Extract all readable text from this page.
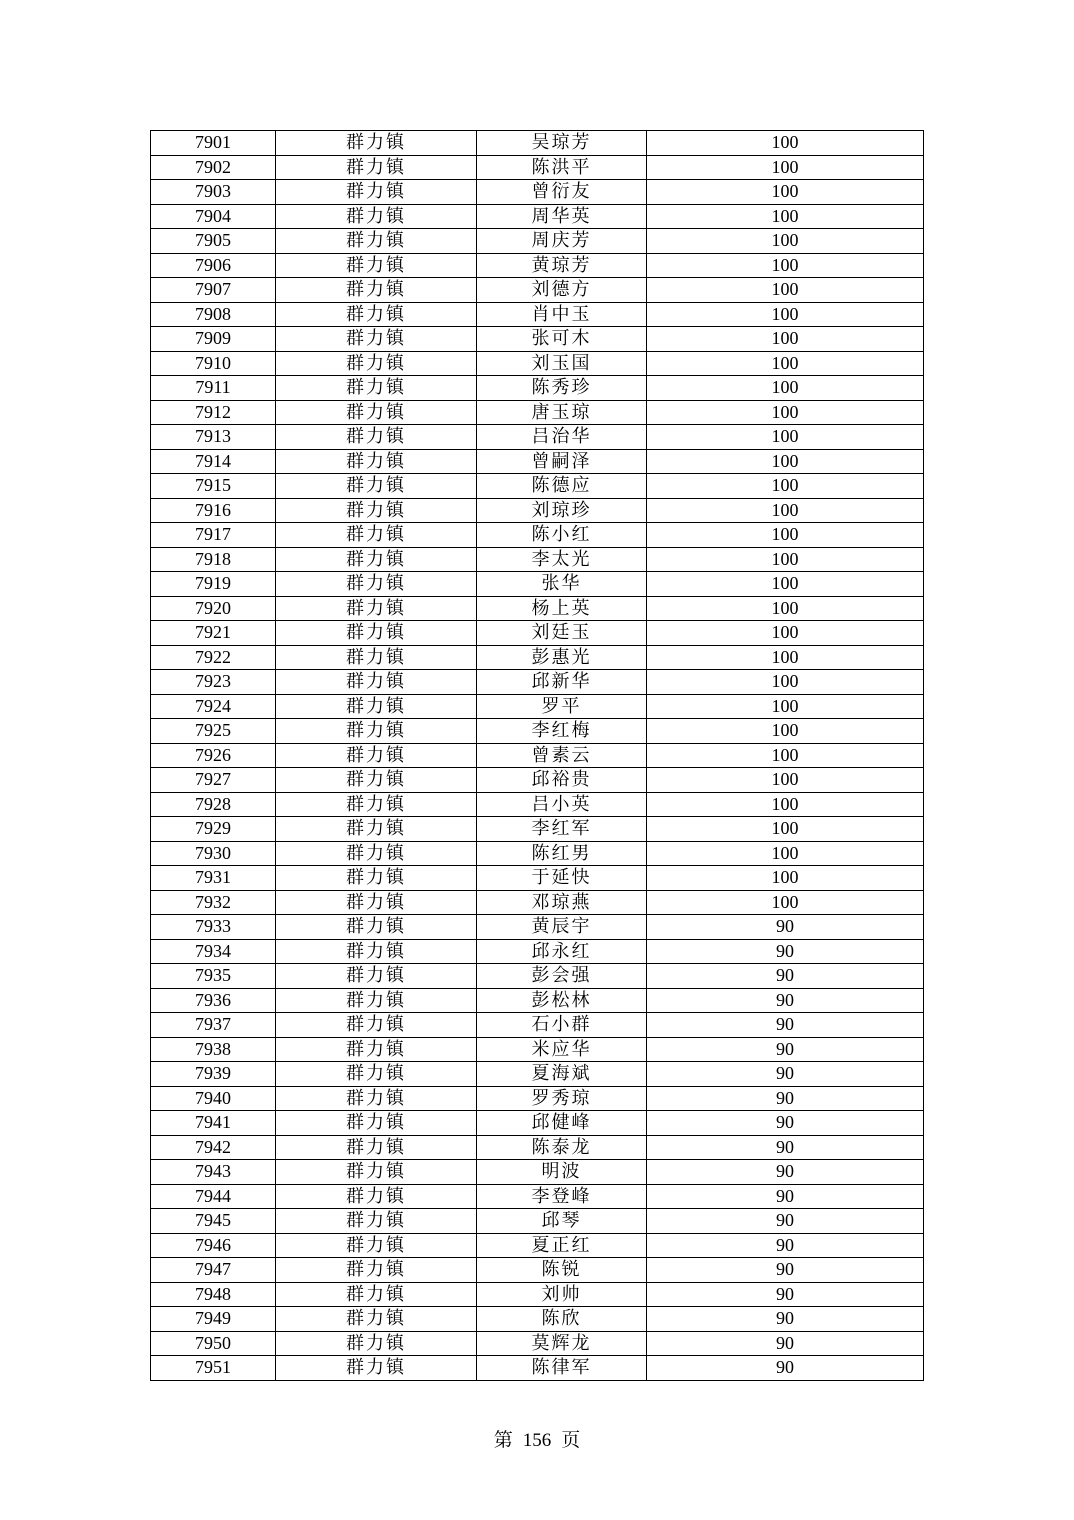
7901	群力镇	吴琼芳	100
7902	群力镇	陈洪平	100
7903	群力镇	曾衍友	100
7904	群力镇	周华英	100
7905	群力镇	周庆芳	100
7906	群力镇	黄琼芳	100
7907	群力镇	刘德方	100
7908	群力镇	肖中玉	100
7909	群力镇	张可木	100
7910	群力镇	刘玉国	100
7911	群力镇	陈秀珍	100
7912	群力镇	唐玉琼	100
7913	群力镇	吕治华	100
7914	群力镇	曾嗣泽	100
7915	群力镇	陈德应	100
7916	群力镇	刘琼珍	100
7917	群力镇	陈小红	100
7918	群力镇	李太光	100
7919	群力镇	张华	100
7920	群力镇	杨上英	100
7921	群力镇	刘廷玉	100
7922	群力镇	彭惠光	100
7923	群力镇	邱新华	100
7924	群力镇	罗平	100
7925	群力镇	李红梅	100
7926	群力镇	曾素云	100
7927	群力镇	邱裕贵	100
7928	群力镇	吕小英	100
7929	群力镇	李红军	100
7930	群力镇	陈红男	100
7931	群力镇	于延快	100
7932	群力镇	邓琼燕	100
7933	群力镇	黄辰宇	90
7934	群力镇	邱永红	90
7935	群力镇	彭会强	90
7936	群力镇	彭松林	90
7937	群力镇	石小群	90
7938	群力镇	米应华	90
7939	群力镇	夏海斌	90
7940	群力镇	罗秀琼	90
7941	群力镇	邱健峰	90
7942	群力镇	陈泰龙	90
7943	群力镇	明波	90
7944	群力镇	李登峰	90
7945	群力镇	邱琴	90
7946	群力镇	夏正红	90
7947	群力镇	陈锐	90
7948	群力镇	刘帅	90
7949	群力镇	陈欣	90
7950	群力镇	莫辉龙	90
7951	群力镇	陈律军	90
第 156 页
